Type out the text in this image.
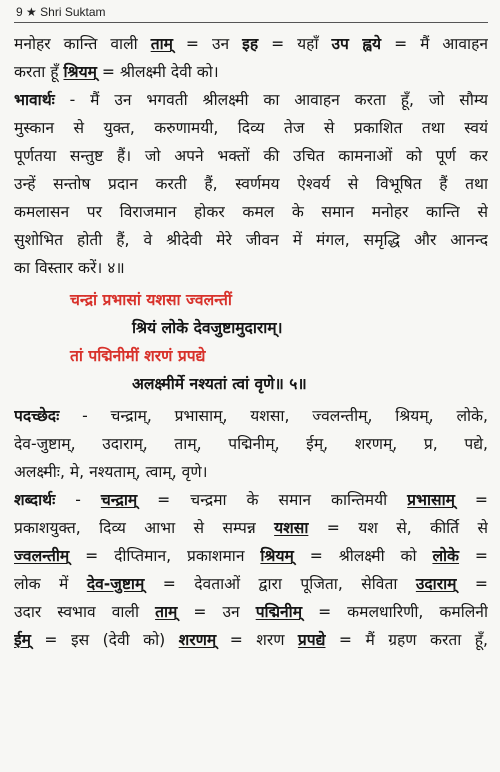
9 ★ Shri Suktam
मनोहर कान्ति वाली ताम् = उन इह = यहाँ उप ह्वये = मैं आवाहन
करता हूँ श्रियम् = श्रीलक्ष्मी देवी को।
भावार्थः - मैं उन भगवती श्रीलक्ष्मी का आवाहन करता हूँ, जो सौम्य
मुस्कान से युक्त, करुणामयी, दिव्य तेज से प्रकाशित तथा स्वयं
पूर्णतया सन्तुष्ट हैं। जो अपने भक्तों की उचित कामनाओं को पूर्ण कर
उन्हें सन्तोष प्रदान करती हैं, स्वर्णमय ऐश्वर्य से विभूषित हैं तथा
कमलासन पर विराजमान होकर कमल के समान मनोहर कान्ति से
सुशोभित होती हैं, वे श्रीदेवी मेरे जीवन में मंगल, समृद्धि और आनन्द
का विस्तार करें। ४॥
चन्द्रां प्रभासां यशसा ज्वलन्तीं
श्रियं लोके देवजुष्टामुदाराम्।
तां पद्मिनीमीं शरणं प्रपद्ये
अलक्ष्मीर्मे नश्यतां त्वां वृणे॥ ५॥
पदच्छेदः - चन्द्राम्, प्रभासाम्, यशसा, ज्वलन्तीम्, श्रियम्, लोके,
देव-जुष्टाम्, उदाराम्, ताम्, पद्मिनीम्, ईम्, शरणम्, प्र, पद्ये,
अलक्ष्मीः, मे, नश्यताम्, त्वाम्, वृणे।
शब्दार्थः - चन्द्राम् = चन्द्रमा के समान कान्तिमयी प्रभासाम् =
प्रकाशयुक्त, दिव्य आभा से सम्पन्न यशसा = यश से, कीर्ति से
ज्वलन्तीम् = दीप्तिमान, प्रकाशमान श्रियम् = श्रीलक्ष्मी को लोके =
लोक में देव-जुष्टाम् = देवताओं द्वारा पूजिता, सेविता उदाराम् =
उदार स्वभाव वाली ताम् = उन पद्मिनीम् = कमलधारिणी, कमलिनी
ईम् = इस (देवी को) शरणम् = शरण प्रपद्ये = मैं ग्रहण करता हूँ,
